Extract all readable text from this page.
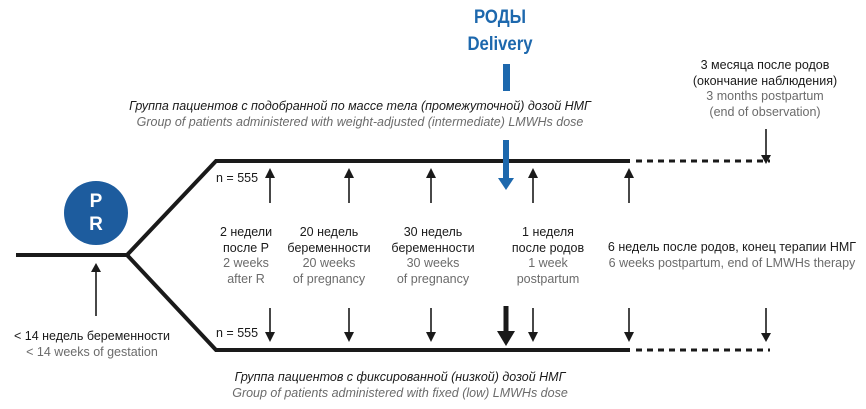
РОДЫ
Delivery
Р
R
Группа пациентов с подобранной по массе тела (промежуточной) дозой НМГ
Group of patients administered with weight-adjusted (intermediate) LMWHs dose
Группа пациентов с фиксированной (низкой) дозой НМГ
Group of patients administered with fixed (low) LMWHs dose
n = 555
n = 555
< 14 недель беременности
< 14 weeks of gestation
3 месяца после родов
(окончание наблюдения)
3 months postpartum
(end of observation)
2 недели
после Р
2 weeks
after R
20 недель
беременности
20 weeks
of pregnancy
30 недель
беременности
30 weeks
of pregnancy
1 неделя
после родов
1 week
postpartum
6 недель после родов, конец терапии НМГ
6 weeks postpartum, end of LMWHs therapy
